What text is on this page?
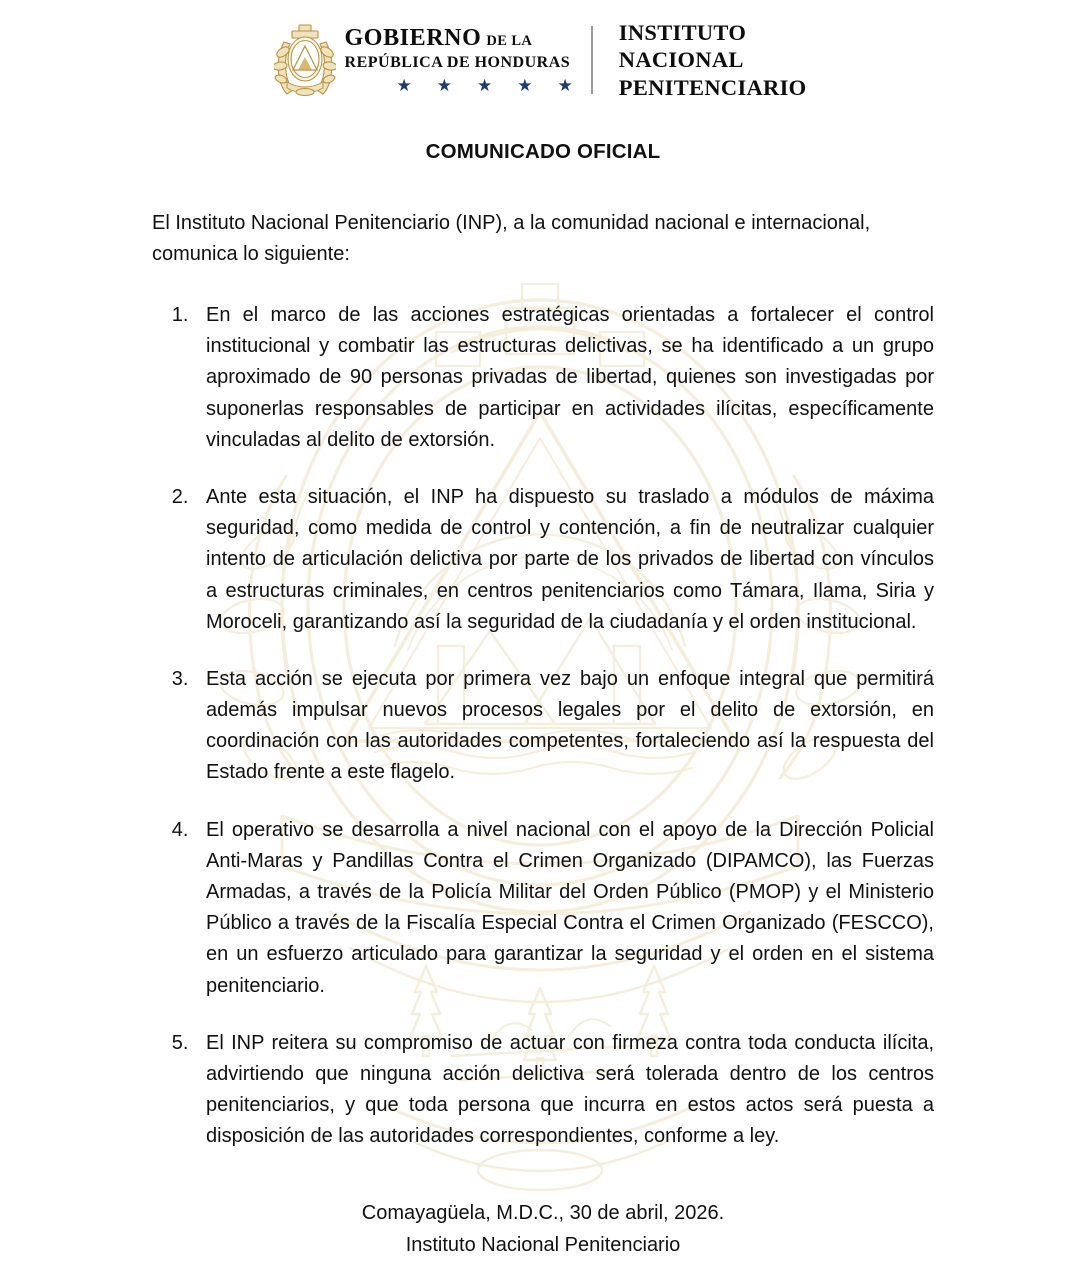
GOBIERNO DE LA
REPÚBLICA DE HONDURAS
★ ★ ★ ★ ★
INSTITUTO
NACIONAL
PENITENCIARIO
COMUNICADO OFICIAL

El Instituto Nacional Penitenciario (INP), a la comunidad nacional e internacional, comunica lo siguiente:

1. En el marco de las acciones estratégicas orientadas a fortalecer el control institucional y combatir las estructuras delictivas, se ha identificado a un grupo aproximado de 90 personas privadas de libertad, quienes son investigadas por suponerlas responsables de participar en actividades ilícitas, específicamente vinculadas al delito de extorsión.
2. Ante esta situación, el INP ha dispuesto su traslado a módulos de máxima seguridad, como medida de control y contención, a fin de neutralizar cualquier intento de articulación delictiva por parte de los privados de libertad con vínculos a estructuras criminales, en centros penitenciarios como Támara, Ilama, Siria y Moroceli, garantizando así la seguridad de la ciudadanía y el orden institucional.
3. Esta acción se ejecuta por primera vez bajo un enfoque integral que permitirá además impulsar nuevos procesos legales por el delito de extorsión, en coordinación con las autoridades competentes, fortaleciendo así la respuesta del Estado frente a este flagelo.
4. El operativo se desarrolla a nivel nacional con el apoyo de la Dirección Policial Anti-Maras y Pandillas Contra el Crimen Organizado (DIPAMCO), las Fuerzas Armadas, a través de la Policía Militar del Orden Público (PMOP) y el Ministerio Público a través de la Fiscalía Especial Contra el Crimen Organizado (FESCCO), en un esfuerzo articulado para garantizar la seguridad y el orden en el sistema penitenciario.
5. El INP reitera su compromiso de actuar con firmeza contra toda conducta ilícita, advirtiendo que ninguna acción delictiva será tolerada dentro de los centros penitenciarios, y que toda persona que incurra en estos actos será puesta a disposición de las autoridades correspondientes, conforme a ley.
Comayagüela, M.D.C., 30 de abril, 2026.
Instituto Nacional Penitenciario
